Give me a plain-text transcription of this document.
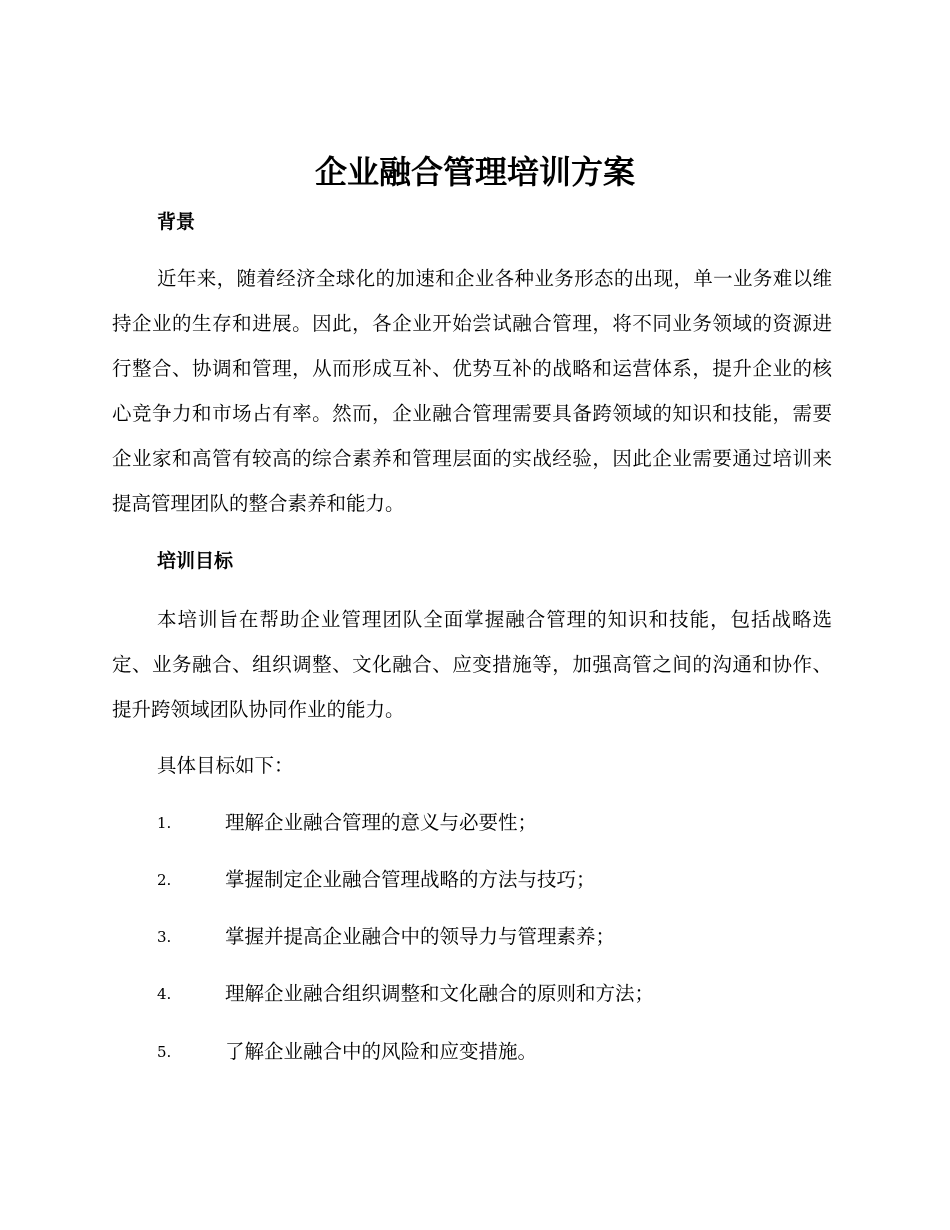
企业融合管理培训方案
背景

近年来，随着经济全球化的加速和企业各种业务形态的出现，单一业务难以维持企业的生存和进展。因此，各企业开始尝试融合管理，将不同业务领域的资源进行整合、协调和管理，从而形成互补、优势互补的战略和运营体系，提升企业的核心竞争力和市场占有率。然而，企业融合管理需要具备跨领域的知识和技能，需要企业家和高管有较高的综合素养和管理层面的实战经验，因此企业需要通过培训来提高管理团队的整合素养和能力。

培训目标

本培训旨在帮助企业管理团队全面掌握融合管理的知识和技能，包括战略选定、业务融合、组织调整、文化融合、应变措施等，加强高管之间的沟通和协作、提升跨领域团队协同作业的能力。

具体目标如下：

1.	理解企业融合管理的意义与必要性；
2.	掌握制定企业融合管理战略的方法与技巧；
3.	掌握并提高企业融合中的领导力与管理素养；
4.	理解企业融合组织调整和文化融合的原则和方法；
5.	了解企业融合中的风险和应变措施。
